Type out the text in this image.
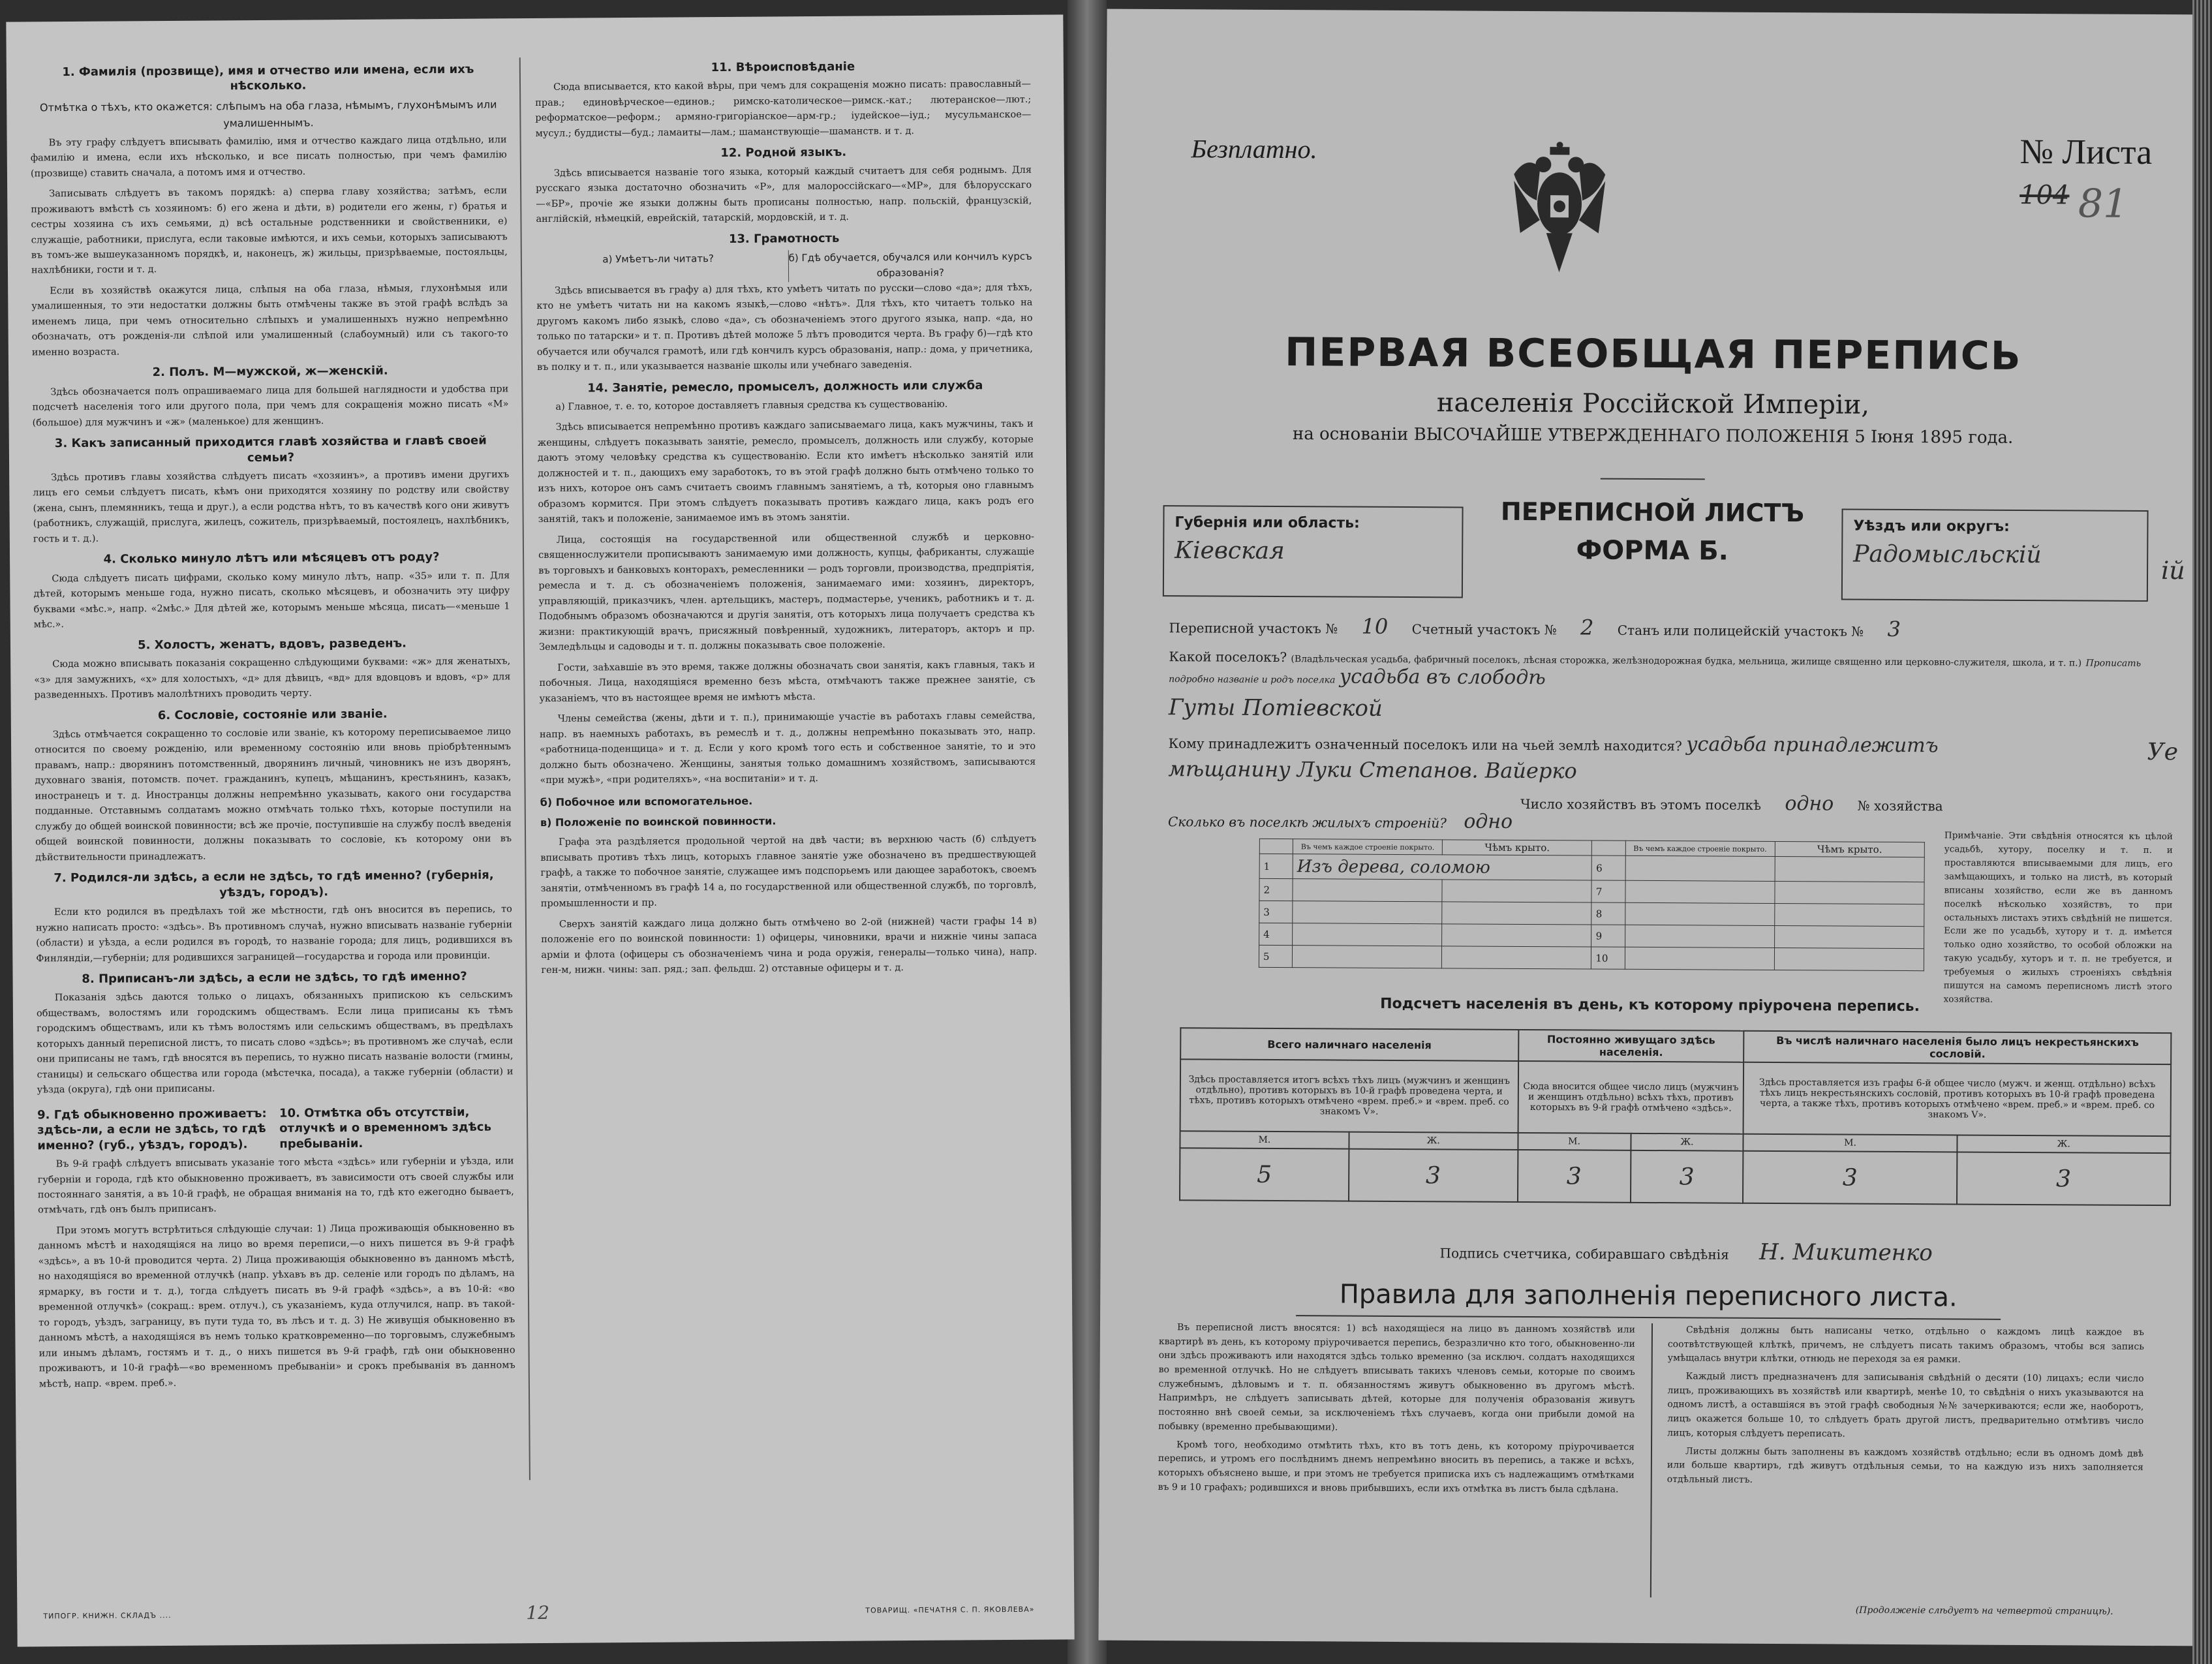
1. Фамилія (прозвище), имя и отчество или имена, если ихъ нѣсколько.
Отмѣтка о тѣхъ, кто окажется: слѣпымъ на оба глаза, нѣмымъ, глухонѣмымъ или умалишеннымъ.

Въ эту графу слѣдуетъ вписывать фамилію, имя и отчество каждаго лица отдѣльно, или фамилію и имена, если ихъ нѣсколько, и все писать полностью, при чемъ фамилію (прозвище) ставить сначала, а потомъ имя и отчество.

Записывать слѣдуетъ въ такомъ порядкѣ: а) сперва главу хозяйства; затѣмъ, если проживаютъ вмѣстѣ съ хозяиномъ: б) его жена и дѣти, в) родители его жены, г) братья и сестры хозяина съ ихъ семьями, д) всѣ остальные родственники и свойственники, е) служащіе, работники, прислуга, если таковые имѣются, и ихъ семьи, которыхъ записываютъ въ томъ-же вышеуказанномъ порядкѣ, и, наконецъ, ж) жильцы, призрѣваемые, постояльцы, нахлѣбники, гости и т. д.

Если въ хозяйствѣ окажутся лица, слѣпыя на оба глаза, нѣмыя, глухонѣмыя или умалишенныя, то эти недостатки должны быть отмѣчены также въ этой графѣ вслѣдъ за именемъ лица, при чемъ относительно слѣпыхъ и умалишенныхъ нужно непремѣнно обозначать, отъ рожденія-ли слѣпой или умалишенный (слабоумный) или съ такого-то именно возраста.

2. Полъ. М—мужской, ж—женскій.

Здѣсь обозначается полъ опрашиваемаго лица для большей наглядности и удобства при подсчетѣ населенія того или другого пола, при чемъ для сокращенія можно писать «М» (большое) для мужчинъ и «ж» (маленькое) для женщинъ.

3. Какъ записанный приходится главѣ хозяйства и главѣ своей семьи?

Здѣсь противъ главы хозяйства слѣдуетъ писать «хозяинъ», а противъ имени другихъ лицъ его семьи слѣдуетъ писать, кѣмъ они приходятся хозяину по родству или свойству (жена, сынъ, племянникъ, теща и друг.), а если родства нѣтъ, то въ качествѣ кого они живутъ (работникъ, служащій, прислуга, жилецъ, сожитель, призрѣваемый, постоялецъ, нахлѣбникъ, гость и т. д.).

4. Сколько минуло лѣтъ или мѣсяцевъ отъ роду?

Сюда слѣдуетъ писать цифрами, сколько кому минуло лѣтъ, напр. «35» или т. п. Для дѣтей, которымъ меньше года, нужно писать, сколько мѣсяцевъ, и обозначить эту цифру буквами «мѣс.», напр. «2мѣс.» Для дѣтей же, которымъ меньше мѣсяца, писать—«меньше 1 мѣс.».

5. Холостъ, женатъ, вдовъ, разведенъ.

Сюда можно вписывать показанія сокращенно слѣдующими буквами: «ж» для женатыхъ, «з» для замужнихъ, «х» для холостыхъ, «д» для дѣвицъ, «вд» для вдовцовъ и вдовъ, «р» для разведенныхъ. Противъ малолѣтнихъ проводить черту.

6. Сословіе, состояніе или званіе.

Здѣсь отмѣчается сокращенно то сословіе или званіе, къ которому переписываемое лицо относится по своему рожденію, или временному состоянію или вновь пріобрѣтеннымъ правамъ, напр.: дворянинъ потомственный, дворянинъ личный, чиновникъ не изъ дворянъ, духовнаго званія, потомств. почет. гражданинъ, купецъ, мѣщанинъ, крестьянинъ, казакъ, иностранецъ и т. д. Иностранцы должны непремѣнно указывать, какого они государства подданные. Отставнымъ солдатамъ можно отмѣчать только тѣхъ, которые поступили на службу до общей воинской повинности; всѣ же прочіе, поступившіе на службу послѣ введенія общей воинской повинности, должны показывать то сословіе, къ которому они въ дѣйствительности принадлежатъ.

7. Родился-ли здѣсь, а если не здѣсь, то гдѣ именно? (губернія, уѣздъ, городъ).

Если кто родился въ предѣлахъ той же мѣстности, гдѣ онъ вносится въ перепись, то нужно написать просто: «здѣсь». Въ противномъ случаѣ, нужно вписывать названіе губерніи (области) и уѣзда, а если родился въ городѣ, то названіе города; для лицъ, родившихся въ Финляндіи,—губерніи; для родившихся заграницей—государства и города или провинціи.

8. Приписанъ-ли здѣсь, а если не здѣсь, то гдѣ именно?

Показанія здѣсь даются только о лицахъ, обязанныхъ припискою къ сельскимъ обществамъ, волостямъ или городскимъ обществамъ. Если лица приписаны къ тѣмъ городскимъ обществамъ, или къ тѣмъ волостямъ или сельскимъ обществамъ, въ предѣлахъ которыхъ данный переписной листъ, то писать слово «здѣсь»; въ противномъ же случаѣ, если они приписаны не тамъ, гдѣ вносятся въ перепись, то нужно писать названіе волости (гмины, станицы) и сельскаго общества или города (мѣстечка, посада), а также губерніи (области) и уѣзда (округа), гдѣ они приписаны.

9. Гдѣ обыкновенно проживаетъ: здѣсь-ли, а если не здѣсь, то гдѣ именно? (губ., уѣздъ, городъ).
10. Отмѣтка объ отсутствіи, отлучкѣ и о временномъ здѣсь пребываніи.

Въ 9-й графѣ слѣдуетъ вписывать указаніе того мѣста «здѣсь» или губерніи и уѣзда, или губерніи и города, гдѣ кто обыкновенно проживаетъ, въ зависимости отъ своей службы или постояннаго занятія, а въ 10-й графѣ, не обращая вниманія на то, гдѣ кто ежегодно бываетъ, отмѣчать, гдѣ онъ былъ приписанъ.

При этомъ могутъ встрѣтиться слѣдующіе случаи: 1) Лица проживающія обыкновенно въ данномъ мѣстѣ и находящіяся на лицо во время переписи,—о нихъ пишется въ 9-й графѣ «здѣсь», а въ 10-й проводится черта. 2) Лица проживающія обыкновенно въ данномъ мѣстѣ, но находящіяся во временной отлучкѣ (напр. уѣхавъ въ др. селеніе или городъ по дѣламъ, на ярмарку, въ гости и т. д.), тогда слѣдуетъ писать въ 9-й графѣ «здѣсь», а въ 10-й: «во временной отлучкѣ» (сокращ.: врем. отлуч.), съ указаніемъ, куда отлучился, напр. въ такой-то городъ, уѣздъ, заграницу, въ пути тудa то, въ лѣсъ и т. д. 3) Не живущія обыкновенно въ данномъ мѣстѣ, а находящіяся въ немъ только кратковременно—по торговымъ, служебнымъ или инымъ дѣламъ, гостямъ и т. д., о нихъ пишется въ 9-й графѣ, гдѣ они обыкновенно проживаютъ, и 10-й графѣ—«во временномъ пребываніи» и срокъ пребыванія въ данномъ мѣстѣ, напр. «врем. преб.».

11. Вѣроисповѣданіе

Сюда вписывается, кто какой вѣры, при чемъ для сокращенія можно писать: православный—прав.; единовѣрческое—единов.; римско-католическое—римск.-кат.; лютеранское—лют.; реформатское—реформ.; армяно-григоріанское—арм-гр.; іудейское—іуд.; мусульманское—мусул.; буддисты—буд.; ламаиты—лам.; шаманствующіе—шаманств. и т. д.

12. Родной языкъ.

Здѣсь вписывается названіе того языка, который каждый считаетъ для себя роднымъ. Для русскаго языка достаточно обозначить «Р», для малороссійскаго—«МР», для бѣлорусскаго—«БР», прочіе же языки должны быть прописаны полностью, напр. польскій, французскій, англійскій, нѣмецкій, еврейскій, татарскій, мордовскій, и т. д.

13. Грамотность
а) Умѣетъ-ли читать?	б) Гдѣ обучается, обучался или кончилъ курсъ образованія?

Здѣсь вписывается въ графу а) для тѣхъ, кто умѣетъ читать по русски—слово «да»; для тѣхъ, кто не умѣетъ читать ни на какомъ языкѣ,—слово «нѣтъ». Для тѣхъ, кто читаетъ только на другомъ какомъ либо языкѣ, слово «да», съ обозначеніемъ этого другого языка, напр. «да, но только по татарски» и т. п. Противъ дѣтей моложе 5 лѣтъ проводится черта. Въ графу б)—гдѣ кто обучается или обучался грамотѣ, или гдѣ кончилъ курсъ образованія, напр.: дома, у причетника, въ полку и т. п., или указывается названіе школы или учебнаго заведенія.

14. Занятіе, ремесло, промыселъ, должность или служба

а) Главное, т. е. то, которое доставляетъ главныя средства къ существованію.

Здѣсь вписывается непремѣнно противъ каждаго записываемаго лица, какъ мужчины, такъ и женщины, слѣдуетъ показывать занятіе, ремесло, промыселъ, должность или службу, которые даютъ этому человѣку средства къ существованію. Если кто имѣетъ нѣсколько занятій или должностей и т. п., дающихъ ему заработокъ, то въ этой графѣ должно быть отмѣчено только то изъ нихъ, которое онъ самъ считаетъ своимъ главнымъ занятіемъ, а тѣ, которыя оно главнымъ образомъ кормится. При этомъ слѣдуетъ показывать противъ каждаго лица, какъ родъ его занятій, такъ и положеніе, занимаемое имъ въ этомъ занятіи.

Лица, состоящія на государственной или общественной службѣ и церковно-священнослужители прописываютъ занимаемую ими должность, купцы, фабриканты, служащіе въ торговыхъ и банковыхъ конторахъ, ремесленники — родъ торговли, производства, предпріятія, ремесла и т. д. съ обозначеніемъ положенія, занимаемаго ими: хозяинъ, директоръ, управляющій, приказчикъ, член. артельщикъ, мастеръ, подмастерье, ученикъ, работникъ и т. д. Подобнымъ образомъ обозначаются и другія занятія, отъ которыхъ лица получаетъ средства къ жизни: практикующій врачъ, присяжный повѣренный, художникъ, литераторъ, акторъ и пр. Земледѣльцы и садоводы и т. п. должны показывать свое положеніе.

Гости, заѣхавшіе въ это время, также должны обозначать свои занятія, какъ главныя, такъ и побочныя. Лица, находящіяся временно безъ мѣста, отмѣчаютъ также прежнее занятіе, съ указаніемъ, что въ настоящее время не имѣютъ мѣста.

Члены семейства (жены, дѣти и т. п.), принимающіе участіе въ работахъ главы семейства, напр. въ наемныхъ работахъ, въ ремеслѣ и т. д., должны непремѣнно показывать это, напр. «работница-поденщица» и т. д. Если у кого кромѣ того есть и собственное занятіе, то и это должно быть обозначено. Женщины, занятыя только домашнимъ хозяйствомъ, записываются «при мужѣ», «при родителяхъ», «на воспитаніи» и т. д.

б) Побочное или вспомогательное.

в) Положеніе по воинской повинности.

Графа эта раздѣляется продольной чертой на двѣ части; въ верхнюю часть (б) слѣдуетъ вписывать противъ тѣхъ лицъ, которыхъ главное занятіе уже обозначено въ предшествующей графѣ, а также то побочное занятіе, служащее имъ подспорьемъ или дающее заработокъ, своемъ занятіи, отмѣченномъ въ графѣ 14 а, по государственной или общественной службѣ, по торговлѣ, промышленности и пр.

Сверхъ занятій каждаго лица должно быть отмѣчено во 2-ой (нижней) части графы 14 в) положеніе его по воинской повинности: 1) офицеры, чиновники, врачи и нижніе чины запаса армiи и флота (офицеры съ обозначеніемъ чина и рода оружія, генералы—только чина), напр. ген-м, нижн. чины: зап. ряд.; зап. фельдш. 2) отставные офицеры и т. д.

ТИПОГР. КНИЖН. СКЛАДЪ ....
ТОВАРИЩ. «ПЕЧАТНЯ С. П. ЯКОВЛЕВА»
12
Безплатно.	№ Листа 104 81
ПЕРВАЯ ВСЕОБЩАЯ ПЕРЕПИСЬ
населенія Россійской Имперіи,
на основаніи ВЫСОЧАЙШЕ УТВЕРЖДЕННАГО ПОЛОЖЕНІЯ 5 Іюня 1895 года.
Губернія или область:
Кіевская
ПЕРЕПИСНОЙ ЛИСТЪ
ФОРМА Б.
Уѣздъ или округъ:
Радомысльскій
ій
Переписной участокъ № 10 Счетный участокъ № 2 Станъ или полицейскій участокъ № 3
Какой поселокъ? (Владѣльческая усадьба, фабричный поселокъ, лѣсная сторожка, желѣзнодорожная будка, мельница, жилище священно или церковно-служителя, школа, и т. п.) Прописать подробно названіе и родъ поселка усадьба въ слободѣ
Гуты Потіевской
Кому принадлежитъ означенный поселокъ или на чьей землѣ находится? усадьба принадлежитъ
мѣщанину Луки Степанов. Вайерко
Уе
Число хозяйствъ въ этомъ поселкѣ одно № хозяйства
Сколько въ поселкѣ жилыхъ строеній? одно
	Въ чемъ каждое строеніе покрыто.	Чѣмъ крыто.		Въ чемъ каждое строеніе покрыто.	Чѣмъ крыто.
1	Изъ дерева, соломою		6		
2			7		
3			8		
4			9		
5			10		
Примѣчаніе. Эти свѣдѣнія относятся къ цѣлой усадьбѣ, хутору, поселку и т. п. и проставляются вписываемыми для лицъ, его замѣщающихъ, и только на листѣ, въ который вписаны хозяйство, если же въ данномъ поселкѣ нѣсколько хозяйствъ, то при остальныхъ листахъ этихъ свѣдѣній не пишется. Если же по усадьбѣ, хутору и т. д. имѣется только одно хозяйство, то особой обложки на такую усадьбу, хуторъ и т. п. не требуется, и требуемыя о жилыхъ строеніяхъ свѣдѣнія пишутся на самомъ переписномъ листѣ этого хозяйства.
Подсчетъ населенія въ день, къ которому пріурочена перепись.
Всего наличнаго населенія		Постоянно живущаго здѣсь населенія.		Въ числѣ наличнаго населенія было лицъ некрестьянскихъ сословій.	
Здѣсь проставляется итогъ всѣхъ тѣхъ лицъ (мужчинъ и женщинъ отдѣльно), противъ которыхъ въ 10-й графѣ проведена черта, и тѣхъ, противъ которыхъ отмѣчено «врем. преб.» и «врем. преб. со знакомъ V».		Сюда вносится общее число лицъ (мужчинъ и женщинъ отдѣльно) всѣхъ тѣхъ, противъ которыхъ въ 9-й графѣ отмѣчено «здѣсь».		Здѣсь проставляется изъ графы 6-й общее число (мужч. и женщ. отдѣльно) всѣхъ тѣхъ лицъ некрестьянскихъ сословій, противъ которыхъ въ 10-й графѣ проведена черта, а также тѣхъ, противъ которыхъ отмѣчено «врем. преб.» и «врем. преб. со знакомъ V».	
М.	Ж.	М.	Ж.	М.	Ж.
5	3	3	3	3	3
Подпись счетчика, собиравшаго свѣдѣнія Н. Микитенко
Правила для заполненія переписного листа.

Въ переписной листъ вносятся: 1) всѣ находящіеся на лицо въ данномъ хозяйствѣ или квартирѣ въ день, къ которому пріурочивается перепись, безразлично кто того, обыкновенно-ли они здѣсь проживаютъ или находятся здѣсь только временно (за исключ. солдатъ находящихся во временной отлучкѣ. Но не слѣдуетъ вписывать такихъ членовъ семьи, которые по своимъ служебнымъ, дѣловымъ и т. п. обязанностямъ живутъ обыкновенно въ другомъ мѣстѣ. Напримѣръ, не слѣдуетъ записывать дѣтей, которые для полученія образованія живутъ постоянно внѣ своей семьи, за исключеніемъ тѣхъ случаевъ, когда они прибыли домой на побывку (временно пребывающими).

Кромѣ того, необходимо отмѣтить тѣхъ, кто въ тотъ день, къ которому пріурочивается перепись, и утромъ его послѣднимъ днемъ непремѣнно вносить въ перепись, а также и всѣхъ, которыхъ объяснено выше, и при этомъ не требуется приписка ихъ съ надлежащимъ отмѣтками въ 9 и 10 графахъ; родившихся и вновь прибывшихъ, если ихъ отмѣтка въ листъ была сдѣлана.

Свѣдѣнія должны быть написаны четко, отдѣльно о каждомъ лицѣ каждое въ соотвѣтствующей клѣткѣ, причемъ, не слѣдуетъ писать такимъ образомъ, чтобы вся запись умѣщалась внутри клѣтки, отнюдь не переходя за ея рамки.

Каждый листъ предназначенъ для записыванія свѣдѣній о десяти (10) лицахъ; если число лицъ, проживающихъ въ хозяйствѣ или квартирѣ, менѣе 10, то свѣдѣнія о нихъ указываются на одномъ листѣ, а оставшіяся въ этой графѣ свободныя №№ зачеркиваются; если же, наоборотъ, лицъ окажется больше 10, то слѣдуетъ брать другой листъ, предварительно отмѣтивъ число лицъ, которыя слѣдуетъ переписать.

Листы должны быть заполнены въ каждомъ хозяйствѣ отдѣльно; если въ одномъ домѣ двѣ или больше квартиръ, гдѣ живутъ отдѣльныя семьи, то на каждую изъ нихъ заполняется отдѣльный листъ.

(Продолженіе слѣдуетъ на четвертой страницѣ).
